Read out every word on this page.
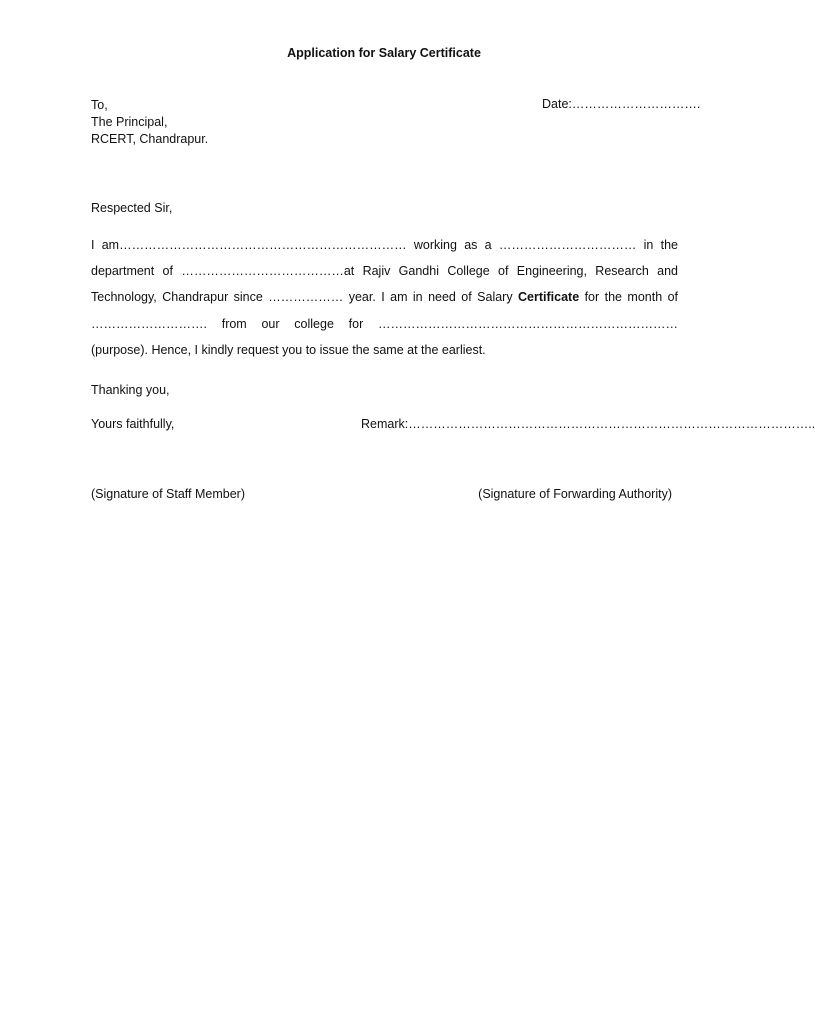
Application for Salary Certificate
To,
The Principal,
RCERT, Chandrapur.
Date:………………………….
Respected Sir,
I am…………………………………………………………… working as a …………………………… in the department of …………………………………at Rajiv Gandhi College of Engineering, Research and Technology, Chandrapur since ……………… year. I am in need of Salary Certificate for the month of ………………………. from our college for ………………………………………………………………(purpose). Hence, I kindly request you to issue the same at the earliest.
Thanking you,
Yours faithfully,	Remark:……………………………………………………………………………………..
(Signature of Staff Member)	(Signature of Forwarding Authority)
